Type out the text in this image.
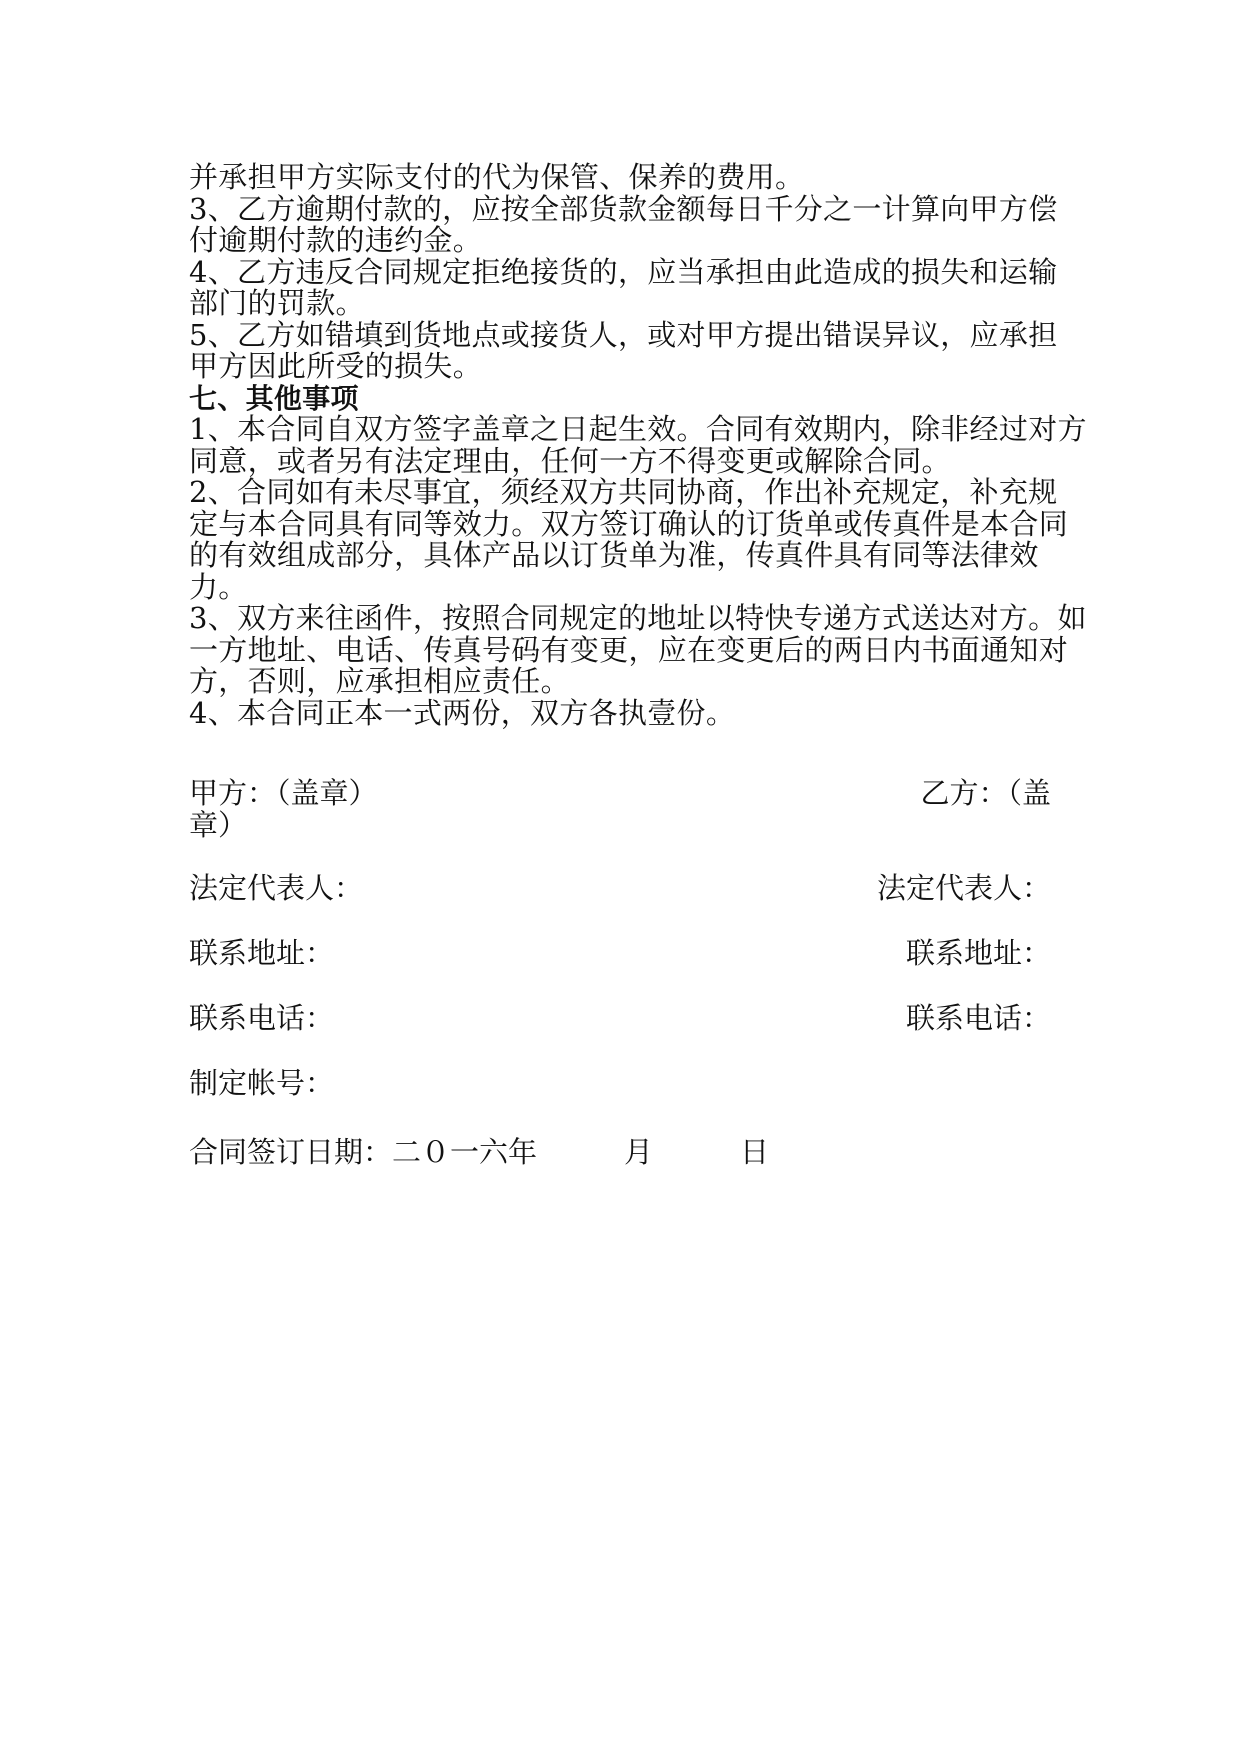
并承担甲方实际支付的代为保管、保养的费用。
3、乙方逾期付款的，应按全部货款金额每日千分之一计算向甲方偿
付逾期付款的违约金。
4、乙方违反合同规定拒绝接货的，应当承担由此造成的损失和运输
部门的罚款。
5、乙方如错填到货地点或接货人，或对甲方提出错误异议，应承担
甲方因此所受的损失。
七、其他事项
1、本合同自双方签字盖章之日起生效。合同有效期内，除非经过对方
同意，或者另有法定理由，任何一方不得变更或解除合同。
2、合同如有未尽事宜，须经双方共同协商，作出补充规定，补充规
定与本合同具有同等效力。双方签订确认的订货单或传真件是本合同
的有效组成部分，具体产品以订货单为准，传真件具有同等法律效
力。
3、双方来往函件，按照合同规定的地址以特快专递方式送达对方。如
一方地址、电话、传真号码有变更，应在变更后的两日内书面通知对
方，否则，应承担相应责任。
4、本合同正本一式两份，双方各执壹份。
甲方：（盖章）	乙方：（盖
章）
法定代表人：	法定代表人：
联系地址：	联系地址：
联系电话：	联系电话：
制定帐号：
合同签订日期：二０一六年　　　月　　　日
